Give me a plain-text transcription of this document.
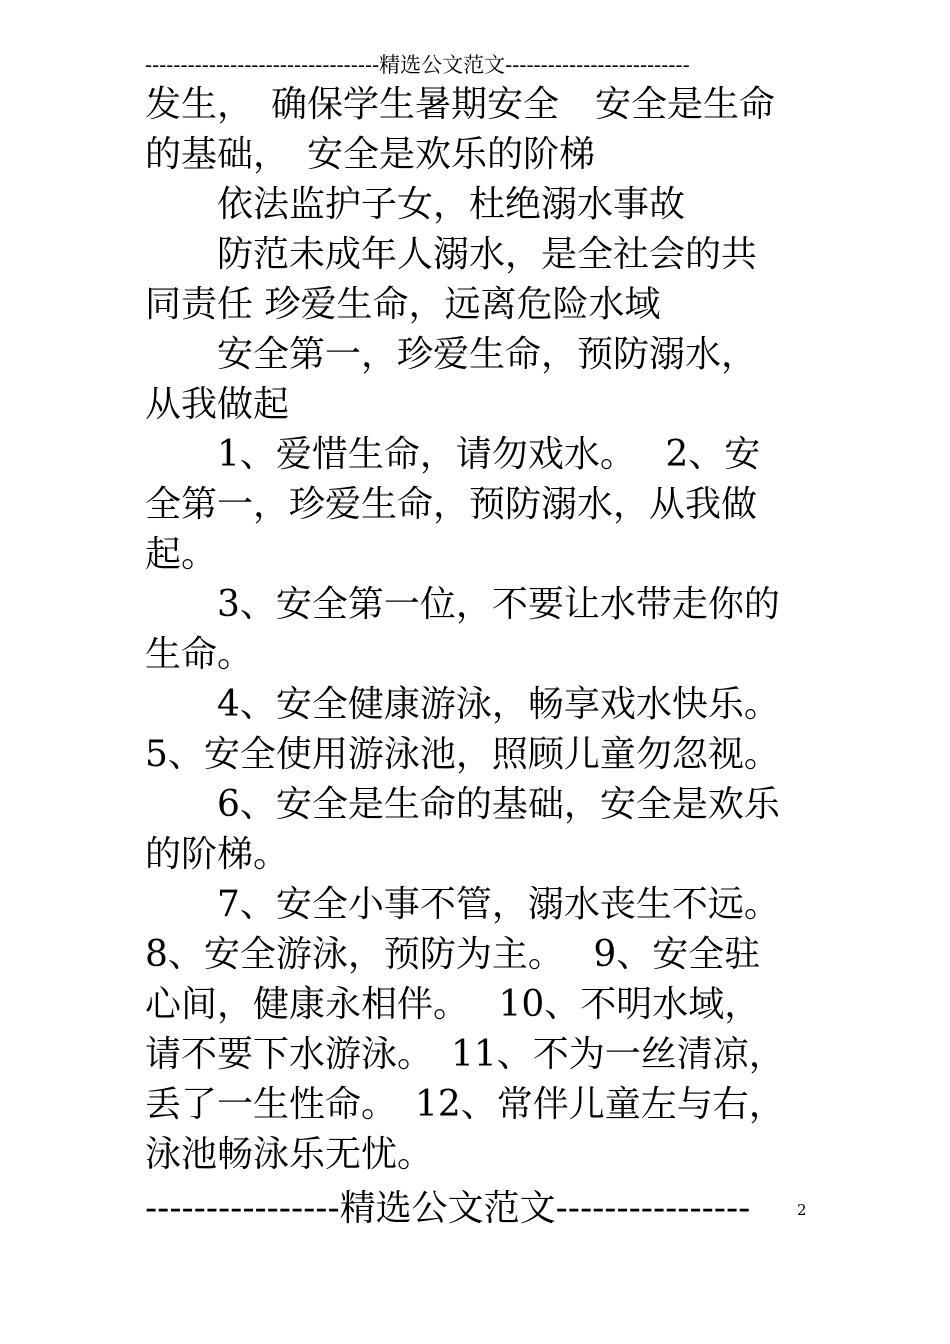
---------------------------------精选公文范文--------------------------
发生，　确保学生暑期安全　安全是生命
的基础，　安全是欢乐的阶梯
　　依法监护子女，杜绝溺水事故
　　防范未成年人溺水，是全社会的共
同责任 珍爱生命，远离危险水域
　　安全第一，珍爱生命，预防溺水，
从我做起
　　1、爱惜生命，请勿戏水。　 2、安
全第一，珍爱生命，预防溺水，从我做
起。
　　3、安全第一位，不要让水带走你的
生命。
　　4、安全健康游泳，畅享戏水快乐。
5、安全使用游泳池，照顾儿童勿忽视。
　　6、安全是生命的基础，安全是欢乐
的阶梯。
　　7、安全小事不管，溺水丧生不远。
8、安全游泳，预防为主。　 9、安全驻
心间，健康永相伴。　 10、不明水域，
请不要下水游泳。　11、不为一丝清凉，
丢了一生性命。　12、常伴儿童左与右，
泳池畅泳乐无忧。
----------------精选公文范文----------------	2
